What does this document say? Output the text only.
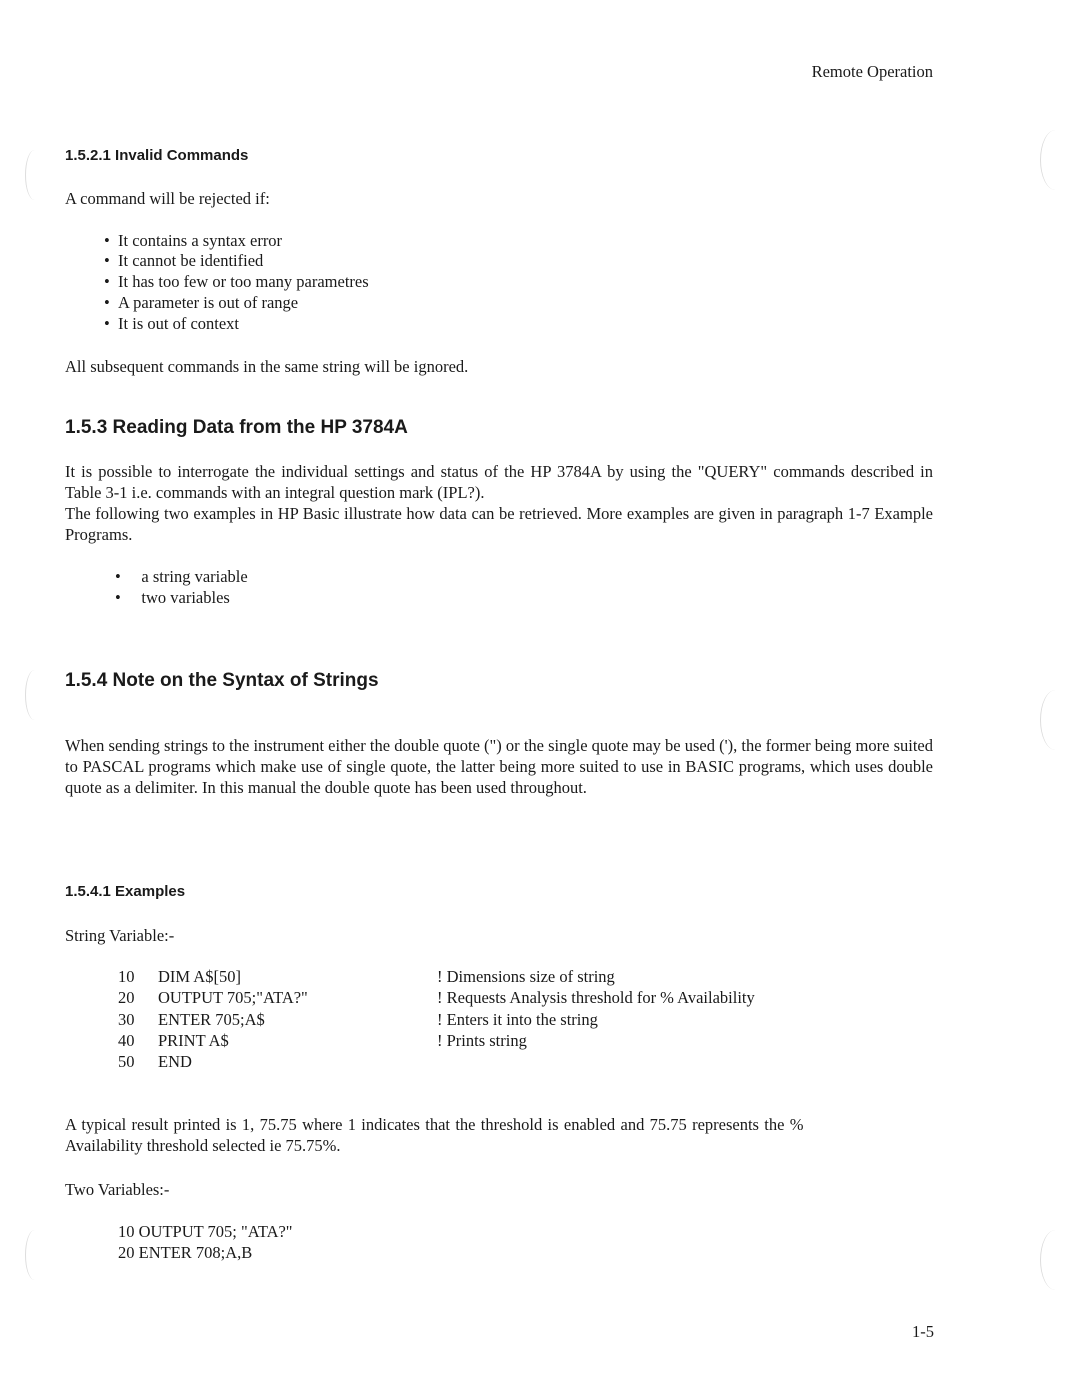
Remote Operation
1.5.2.1 Invalid Commands
A command will be rejected if:
•  It contains a syntax error
•  It cannot be identified
•  It has too few or too many parametres
•  A parameter is out of range
•  It is out of context
All subsequent commands in the same string will be ignored.
1.5.3 Reading Data from the HP 3784A
It is possible to interrogate the individual settings and status of the HP 3784A by using the "QUERY" commands described in Table 3-1 i.e. commands with an integral question mark (IPL?).
The following two examples in HP Basic illustrate how data can be retrieved. More examples are given in paragraph 1-7 Example Programs.
•     a string variable
•     two variables
1.5.4 Note on the Syntax of Strings
When sending strings to the instrument either the double quote (") or the single quote may be used ('), the former being more suited to PASCAL programs which make use of single quote, the latter being more suited to use in BASIC programs, which uses double quote as a delimiter. In this manual the double quote has been used throughout.
1.5.4.1 Examples
String Variable:-
10 DIM A$[50]	! Dimensions size of string
20 OUTPUT 705;"ATA?"	! Requests Analysis threshold for % Availability
30 ENTER 705;A$	! Enters it into the string
40 PRINT A$	! Prints string
50 END
A typical result printed is 1, 75.75 where 1 indicates that the threshold is enabled and 75.75 represents the %
Availability threshold selected ie 75.75%.
Two Variables:-
10 OUTPUT 705; "ATA?"
20 ENTER 708;A,B
1-5
